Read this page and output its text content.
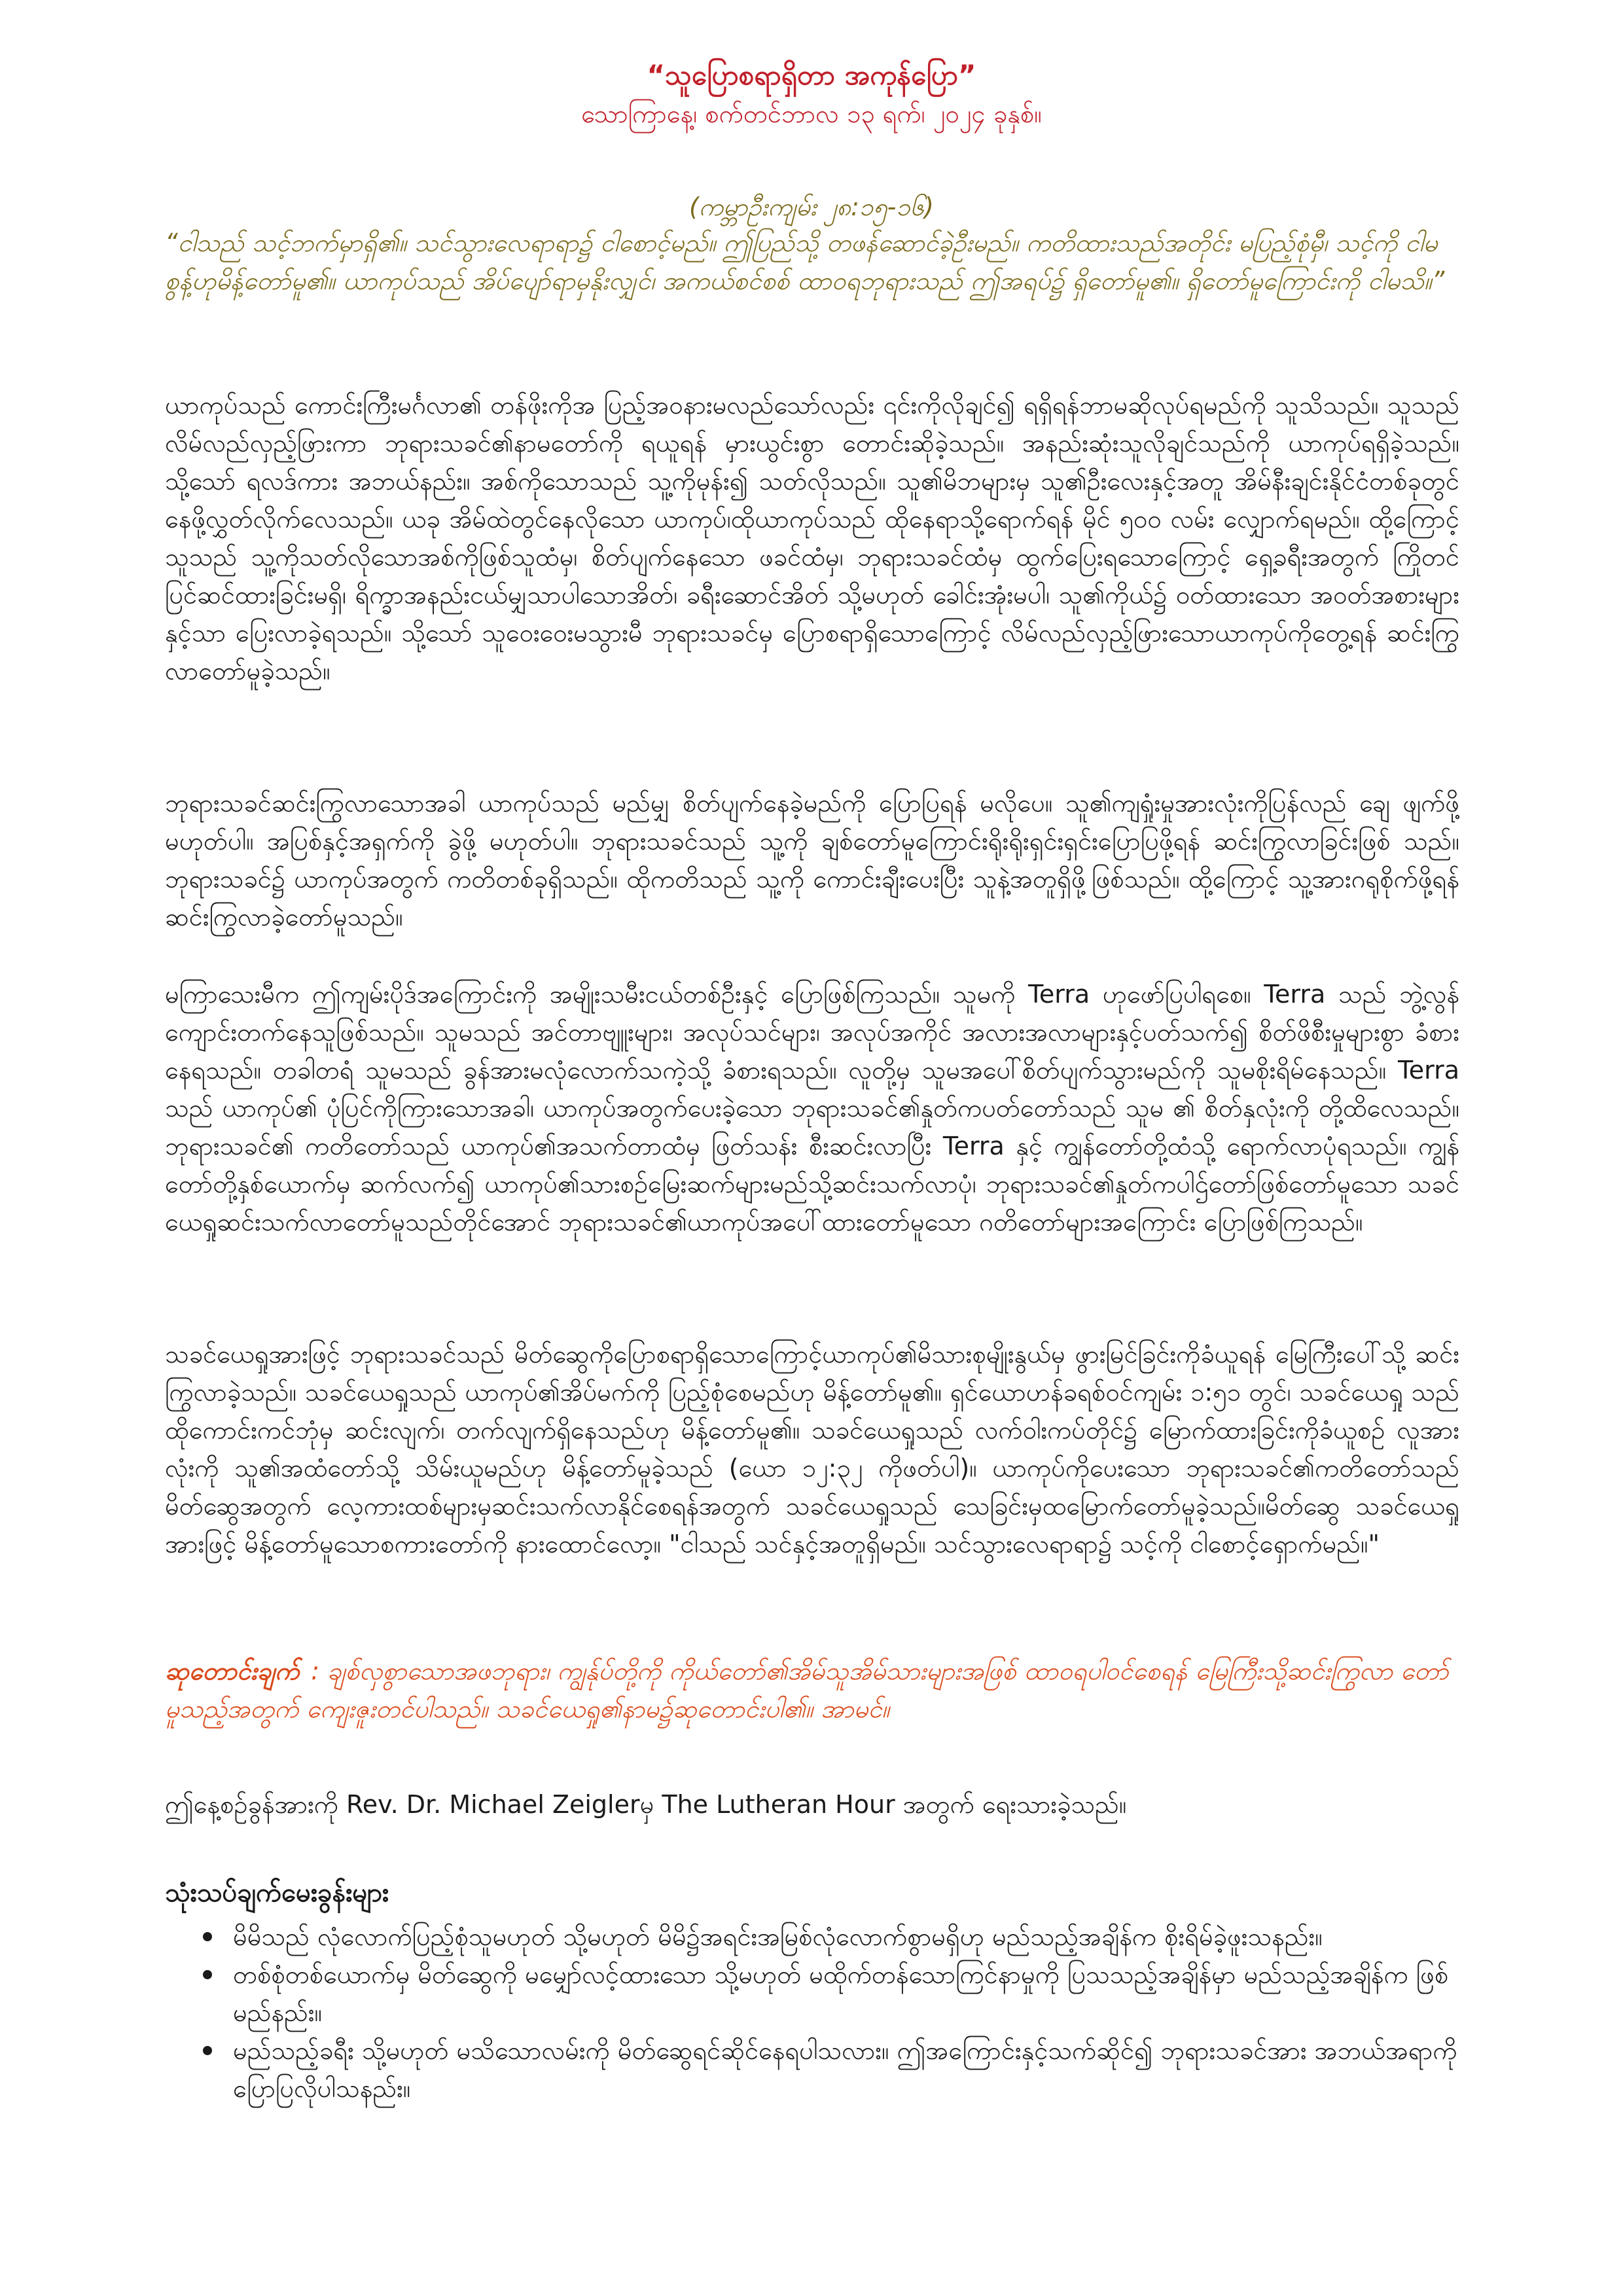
“သူပြောစရာရှိတာ အကုန်ပြော”
သောကြာနေ့၊ စက်တင်ဘာလ ၁၃ ရက်၊ ၂၀၂၄ ခုနှစ်။
(ကမ္ဘာဦးကျမ်း ၂၈:၁၅-၁၆)
“ငါသည် သင့်ဘက်မှာရှိ၏။ သင်သွားလေရာရာ၌ ငါစောင့်မည်။ ဤပြည်သို့ တဖန်ဆောင်ခဲ့ဦးမည်။ ကတိထားသည်အတိုင်း မပြည့်စုံမှီ၊ သင့်ကို ငါမစွန့်ဟုမိန့်တော်မူ၏။ ယာကုပ်သည် အိပ်ပျော်ရာမှနိုးလျှင်၊ အကယ်စင်စစ် ထာဝရဘုရားသည် ဤအရပ်၌ ရှိတော်မူ၏။ ရှိတော်မူကြောင်းကို ငါမသိ။”
ယာကုပ်သည် ကောင်းကြီးမင်္ဂလာ၏ တန်ဖိုးကိုအ ပြည့်အဝနားမလည်သော်လည်း ၎င်းကိုလိုချင်၍ ရရှိရန်ဘာမဆိုလုပ်ရမည်ကို သူသိသည်။ သူသည် လိမ်လည်လှည့်ဖြားကာ ဘုရားသခင်၏နာမတော်ကို ရယူရန် မှားယွင်းစွာ တောင်းဆိုခဲ့သည်။ အနည်းဆုံးသူလိုချင်သည်ကို ယာကုပ်ရရှိခဲ့သည်။ သို့သော် ရလဒ်ကား အဘယ်နည်း။ အစ်ကိုသောသည် သူ့ကိုမုန်း၍ သတ်လိုသည်။ သူ၏မိဘများမှ သူ၏ဦးလေးနှင့်အတူ အိမ်နီးချင်းနိုင်ငံတစ်ခုတွင် နေဖို့လွှတ်လိုက်လေသည်။ ယခု အိမ်ထဲတွင်နေလိုသော ယာကုပ်၊ထိုယာကုပ်သည် ထိုနေရာသို့ရောက်ရန် မိုင် ၅၀၀ လမ်း လျှောက်ရမည်။ ထို့ကြောင့် သူသည် သူ့ကိုသတ်လိုသောအစ်ကိုဖြစ်သူထံမှ၊ စိတ်ပျက်နေသော ဖခင်ထံမှ၊ ဘုရားသခင်ထံမှ ထွက်ပြေးရသောကြောင့် ရှေ့ခရီးအတွက် ကြိုတင် ပြင်ဆင်ထားခြင်းမရှိ၊ ရိက္ခာအနည်းငယ်မျှသာပါသောအိတ်၊ ခရီးဆောင်အိတ် သို့မဟုတ် ခေါင်းအုံးမပါ၊ သူ၏ကိုယ်၌ ဝတ်ထားသော အဝတ်အစားများ နှင့်သာ ပြေးလာခဲ့ရသည်။ သို့သော် သူဝေးဝေးမသွားမီ ဘုရားသခင်မှ ပြောစရာရှိသောကြောင့် လိမ်လည်လှည့်ဖြားသောယာကုပ်ကိုတွေ့ရန် ဆင်းကြွ လာတော်မူခဲ့သည်။
ဘုရားသခင်ဆင်းကြွလာသောအခါ ယာကုပ်သည် မည်မျှ စိတ်ပျက်နေခဲ့မည်ကို ပြောပြရန် မလိုပေ။ သူ၏ကျရှုံးမှုအားလုံးကိုပြန်လည် ချေ ဖျက်ဖို့ မဟုတ်ပါ။ အပြစ်နှင့်အရှက်ကို ခွဲဖို့ မဟုတ်ပါ။ ဘုရားသခင်သည် သူ့ကို ချစ်တော်မူကြောင်းရိုးရိုးရှင်းရှင်းပြောပြဖို့ရန် ဆင်းကြွလာခြင်းဖြစ် သည်။ ဘုရားသခင်၌ ယာကုပ်အတွက် ကတိတစ်ခုရှိသည်။ ထိုကတိသည် သူ့ကို ကောင်းချီးပေးပြီး သူနဲ့အတူရှိဖို့ဖြစ်သည်။ ထို့ကြောင့် သူ့အားဂရုစိုက်ဖို့ရန် ဆင်းကြွလာခဲ့တော်မူသည်။
မကြာသေးမီက ဤကျမ်းပိုဒ်အကြောင်းကို အမျိုးသမီးငယ်တစ်ဦးနှင့် ပြောဖြစ်ကြသည်။ သူမကို Terra ဟုဖော်ပြပါရစေ။ Terra သည် ဘွဲ့လွန် ကျောင်းတက်နေသူဖြစ်သည်။ သူမသည် အင်တာဗျူးများ၊ အလုပ်သင်များ၊ အလုပ်အကိုင် အလားအလာများနှင့်ပတ်သက်၍ စိတ်ဖိစီးမှုများစွာ ခံစားနေရသည်။ တခါတရံ သူမသည် ခွန်အားမလုံလောက်သကဲ့သို့ ခံစားရသည်။ လူတို့မှ သူမအပေါ်စိတ်ပျက်သွားမည်ကို သူမစိုးရိမ်နေသည်။ Terra သည် ယာကုပ်၏ ပုံပြင်ကိုကြားသောအခါ၊ ယာကုပ်အတွက်ပေးခဲ့သော ဘုရားသခင်၏နှုတ်ကပတ်တော်သည် သူမ ၏ စိတ်နှလုံးကို တို့ထိလေသည်။ ဘုရားသခင်၏ ကတိတော်သည် ယာကုပ်၏အသက်တာထံမှ ဖြတ်သန်း စီးဆင်းလာပြီး Terra နှင့် ကျွန်တော်တို့ထံသို့ ရောက်လာပုံရသည်။ ကျွန် တော်တို့နှစ်ယောက်မှ ဆက်လက်၍ ယာကုပ်၏သားစဉ်မြေးဆက်များမည်သို့ဆင်းသက်လာပုံ၊ ဘုရားသခင်၏နှုတ်ကပါဌ်တော်ဖြစ်တော်မူသော သခင်ယေရှုဆင်းသက်လာတော်မူသည်တိုင်အောင် ဘုရားသခင်၏ယာကုပ်အပေါ်ထားတော်မူသော ဂတိတော်များအကြောင်း ပြောဖြစ်ကြသည်။
သခင်ယေရှုအားဖြင့် ဘုရားသခင်သည် မိတ်ဆွေကိုပြောစရာရှိသောကြောင့်ယာကုပ်၏မိသားစုမျိုးနွယ်မှ ဖွားမြင်ခြင်းကိုခံယူရန် မြေကြီးပေါ်သို့ ဆင်းကြွလာခဲ့သည်။ သခင်ယေရှုသည် ယာကုပ်၏အိပ်မက်ကို ပြည့်စုံစေမည်ဟု မိန့်တော်မူ၏။ ရှင်ယောဟန်ခရစ်ဝင်ကျမ်း ၁:၅၁ တွင်၊ သခင်ယေရှု သည် ထိုကောင်းကင်ဘုံမှ ဆင်းလျက်၊ တက်လျက်ရှိနေသည်ဟု မိန့်တော်မူ၏။ သခင်ယေရှုသည် လက်ဝါးကပ်တိုင်၌ မြောက်ထားခြင်းကိုခံယူစဉ် လူအားလုံးကို သူ၏အထံတော်သို့ သိမ်းယူမည်ဟု မိန့်တော်မူခဲ့သည် (ယော ၁၂:၃၂ ကိုဖတ်ပါ)။ ယာကုပ်ကိုပေးသော ဘုရားသခင်၏ကတိတော်သည် မိတ်ဆွေအတွက် လေ့ကားထစ်များမှဆင်းသက်လာနိုင်စေရန်အတွက် သခင်ယေရှုသည် သေခြင်းမှထမြောက်တော်မူခဲ့သည်။မိတ်ဆွေ သခင်ယေရှု အားဖြင့် မိန့်တော်မူသောစကားတော်ကို နားထောင်လော့။ "ငါသည် သင်နှင့်အတူရှိမည်။ သင်သွားလေရာရာ၌ သင့်ကို ငါစောင့်ရှောက်မည်။"
ဆုတောင်းချက် : ချစ်လှစွာသောအဖဘုရား၊ ကျွန်ုပ်တို့ကို ကိုယ်တော်၏အိမ်သူအိမ်သားများအဖြစ် ထာဝရပါဝင်စေရန် မြေကြီးသို့ဆင်းကြွလာ တော်မူသည့်အတွက် ကျေးဇူးတင်ပါသည်။ သခင်ယေရှု၏နာမ၌ဆုတောင်းပါ၏။ အာမင်။
ဤနေ့စဉ်ခွန်အားကို Rev. Dr. Michael Zeiglerမှ The Lutheran Hour အတွက် ရေးသားခဲ့သည်။
သုံးသပ်ချက်မေးခွန်းများ
မိမိသည် လုံလောက်ပြည့်စုံသူမဟုတ် သို့မဟုတ် မိမိ၌အရင်းအမြစ်လုံလောက်စွာမရှိဟု မည်သည့်အချိန်က စိုးရိမ်ခဲ့ဖူးသနည်း။
တစ်စုံတစ်ယောက်မှ မိတ်ဆွေကို မမျှော်လင့်ထားသော သို့မဟုတ် မထိုက်တန်သောကြင်နာမှုကို ပြသသည့်အချိန်မှာ မည်သည့်အချိန်က ဖြစ်မည်နည်း။
မည်သည့်ခရီး သို့မဟုတ် မသိသောလမ်းကို မိတ်ဆွေရင်ဆိုင်နေရပါသလား။ ဤအကြောင်းနှင့်သက်ဆိုင်၍ ဘုရားသခင်အား အဘယ်အရာကို ပြောပြလိုပါသနည်း။
